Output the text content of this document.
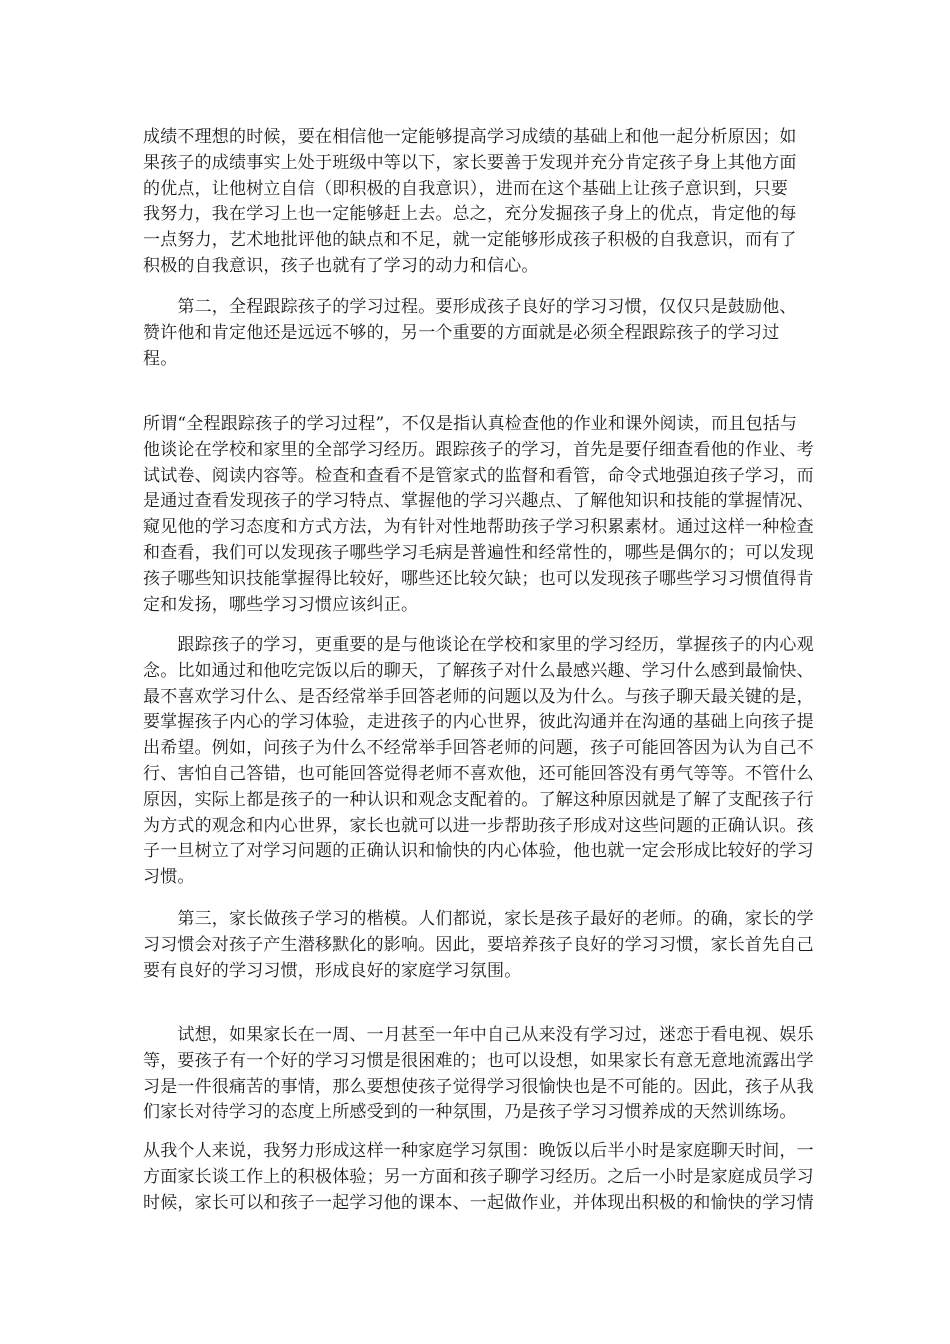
成绩不理想的时候，要在相信他一定能够提高学习成绩的基础上和他一起分析原因；如
果孩子的成绩事实上处于班级中等以下，家长要善于发现并充分肯定孩子身上其他方面
的优点，让他树立自信（即积极的自我意识），进而在这个基础上让孩子意识到，只要
我努力，我在学习上也一定能够赶上去。总之，充分发掘孩子身上的优点，肯定他的每
一点努力，艺术地批评他的缺点和不足，就一定能够形成孩子积极的自我意识，而有了
积极的自我意识，孩子也就有了学习的动力和信心。
　　第二，全程跟踪孩子的学习过程。要形成孩子良好的学习习惯，仅仅只是鼓励他、
赞许他和肯定他还是远远不够的，另一个重要的方面就是必须全程跟踪孩子的学习过
程。
所谓“全程跟踪孩子的学习过程”，不仅是指认真检查他的作业和课外阅读，而且包括与
他谈论在学校和家里的全部学习经历。跟踪孩子的学习，首先是要仔细查看他的作业、考
试试卷、阅读内容等。检查和查看不是管家式的监督和看管，命令式地强迫孩子学习，而
是通过查看发现孩子的学习特点、掌握他的学习兴趣点、了解他知识和技能的掌握情况、
窥见他的学习态度和方式方法，为有针对性地帮助孩子学习积累素材。通过这样一种检查
和查看，我们可以发现孩子哪些学习毛病是普遍性和经常性的，哪些是偶尔的；可以发现
孩子哪些知识技能掌握得比较好，哪些还比较欠缺；也可以发现孩子哪些学习习惯值得肯
定和发扬，哪些学习习惯应该纠正。
　　跟踪孩子的学习，更重要的是与他谈论在学校和家里的学习经历，掌握孩子的内心观
念。比如通过和他吃完饭以后的聊天，了解孩子对什么最感兴趣、学习什么感到最愉快、
最不喜欢学习什么、是否经常举手回答老师的问题以及为什么。与孩子聊天最关键的是，
要掌握孩子内心的学习体验，走进孩子的内心世界，彼此沟通并在沟通的基础上向孩子提
出希望。例如，问孩子为什么不经常举手回答老师的问题，孩子可能回答因为认为自己不
行、害怕自己答错，也可能回答觉得老师不喜欢他，还可能回答没有勇气等等。不管什么
原因，实际上都是孩子的一种认识和观念支配着的。了解这种原因就是了解了支配孩子行
为方式的观念和内心世界，家长也就可以进一步帮助孩子形成对这些问题的正确认识。孩
子一旦树立了对学习问题的正确认识和愉快的内心体验，他也就一定会形成比较好的学习
习惯。
　　第三，家长做孩子学习的楷模。人们都说，家长是孩子最好的老师。的确，家长的学
习习惯会对孩子产生潜移默化的影响。因此，要培养孩子良好的学习习惯，家长首先自己
要有良好的学习习惯，形成良好的家庭学习氛围。
　　试想，如果家长在一周、一月甚至一年中自己从来没有学习过，迷恋于看电视、娱乐
等，要孩子有一个好的学习习惯是很困难的；也可以设想，如果家长有意无意地流露出学
习是一件很痛苦的事情，那么要想使孩子觉得学习很愉快也是不可能的。因此，孩子从我
们家长对待学习的态度上所感受到的一种氛围，乃是孩子学习习惯养成的天然训练场。
从我个人来说，我努力形成这样一种家庭学习氛围：晚饭以后半小时是家庭聊天时间，一
方面家长谈工作上的积极体验；另一方面和孩子聊学习经历。之后一小时是家庭成员学习
时候，家长可以和孩子一起学习他的课本、一起做作业，并体现出积极的和愉快的学习情
